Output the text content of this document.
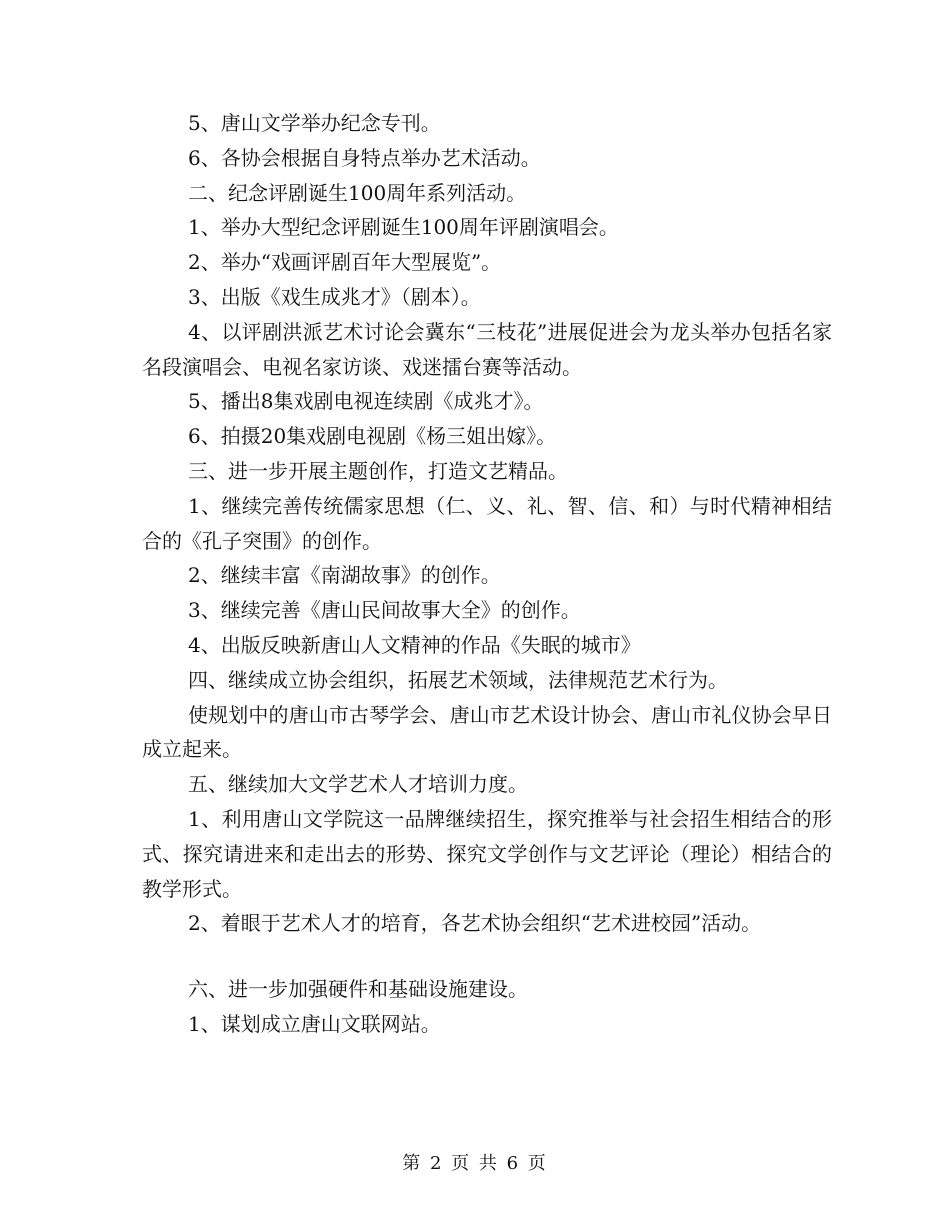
5、唐山文学举办纪念专刊。

6、各协会根据自身特点举办艺术活动。

二、纪念评剧诞生100周年系列活动。

1、举办大型纪念评剧诞生100周年评剧演唱会。

2、举办“戏画评剧百年大型展览”。

3、出版《戏生成兆才》（剧本）。

4、以评剧洪派艺术讨论会冀东“三枝花”进展促进会为龙头举办包括名家名段演唱会、电视名家访谈、戏迷擂台赛等活动。

5、播出8集戏剧电视连续剧《成兆才》。

6、拍摄20集戏剧电视剧《杨三姐出嫁》。

三、进一步开展主题创作，打造文艺精品。

1、继续完善传统儒家思想（仁、义、礼、智、信、和）与时代精神相结合的《孔子突围》的创作。

2、继续丰富《南湖故事》的创作。

3、继续完善《唐山民间故事大全》的创作。

4、出版反映新唐山人文精神的作品《失眠的城市》

四、继续成立协会组织，拓展艺术领域，法律规范艺术行为。

使规划中的唐山市古琴学会、唐山市艺术设计协会、唐山市礼仪协会早日成立起来。

五、继续加大文学艺术人才培训力度。

1、利用唐山文学院这一品牌继续招生，探究推举与社会招生相结合的形式、探究请进来和走出去的形势、探究文学创作与文艺评论（理论）相结合的教学形式。

2、着眼于艺术人才的培育，各艺术协会组织“艺术进校园”活动。

六、进一步加强硬件和基础设施建设。

1、谋划成立唐山文联网站。

第 2 页 共 6 页
